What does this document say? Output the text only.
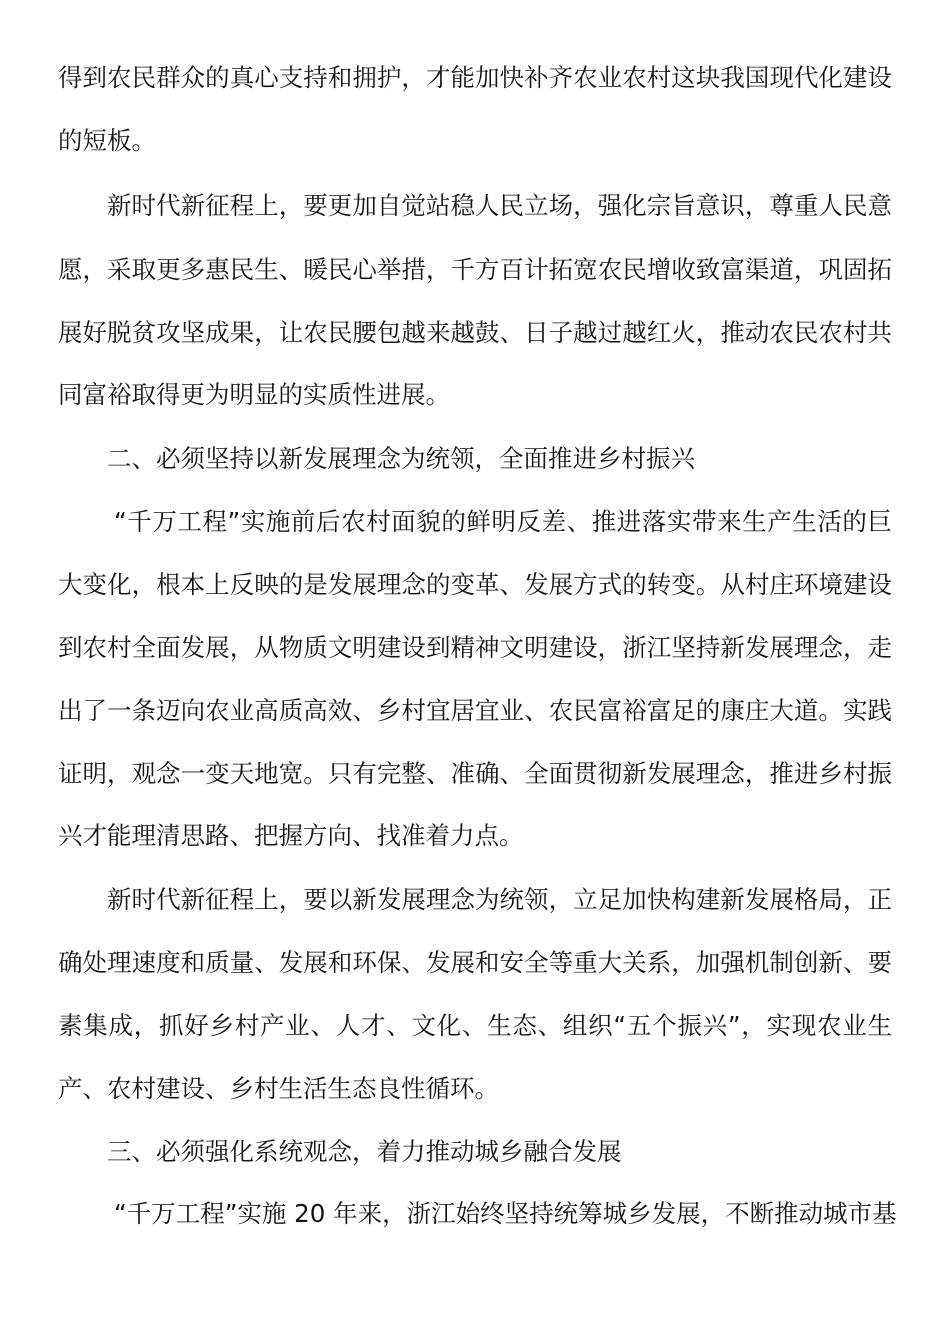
得到农民群众的真心支持和拥护，才能加快补齐农业农村这块我国现代化建设
的短板。
新时代新征程上，要更加自觉站稳人民立场，强化宗旨意识，尊重人民意
愿，采取更多惠民生、暖民心举措，千方百计拓宽农民增收致富渠道，巩固拓
展好脱贫攻坚成果，让农民腰包越来越鼓、日子越过越红火，推动农民农村共
同富裕取得更为明显的实质性进展。
二、必须坚持以新发展理念为统领，全面推进乡村振兴
“千万工程”实施前后农村面貌的鲜明反差、推进落实带来生产生活的巨
大变化，根本上反映的是发展理念的变革、发展方式的转变。从村庄环境建设
到农村全面发展，从物质文明建设到精神文明建设，浙江坚持新发展理念，走
出了一条迈向农业高质高效、乡村宜居宜业、农民富裕富足的康庄大道。实践
证明，观念一变天地宽。只有完整、准确、全面贯彻新发展理念，推进乡村振
兴才能理清思路、把握方向、找准着力点。
新时代新征程上，要以新发展理念为统领，立足加快构建新发展格局，正
确处理速度和质量、发展和环保、发展和安全等重大关系，加强机制创新、要
素集成，抓好乡村产业、人才、文化、生态、组织“五个振兴”，实现农业生
产、农村建设、乡村生活生态良性循环。
三、必须强化系统观念，着力推动城乡融合发展
“千万工程”实施 20 年来，浙江始终坚持统筹城乡发展，不断推动城市基
